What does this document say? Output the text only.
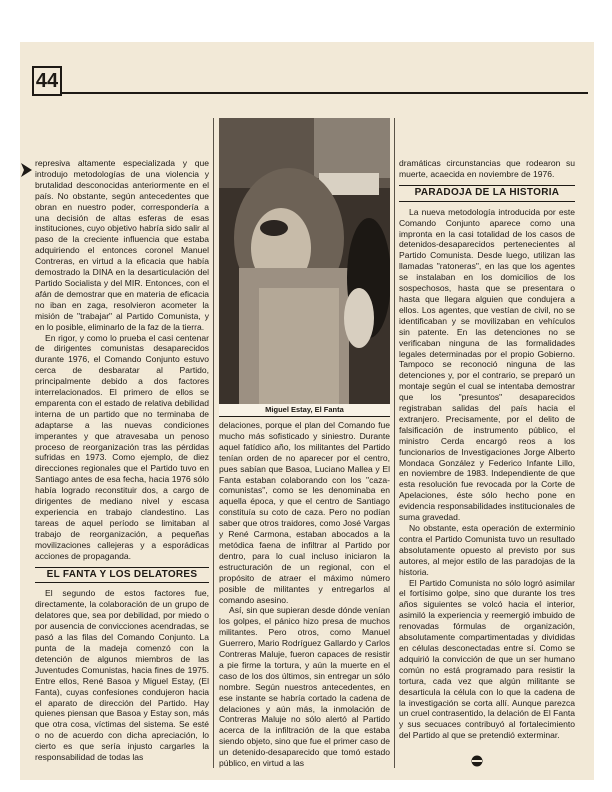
44

represiva altamente especializada y que introdujo metodologías de una violencia y brutalidad desconocidas anteriormente en el país. No obstante, según antecedentes que obran en nuestro poder, correspondería a una decisión de altas esferas de esas instituciones, cuyo objetivo habría sido salir al paso de la creciente influencia que estaba adquiriendo el entonces coronel Manuel Contreras, en virtud a la eficacia que había demostrado la DINA en la desarticulación del Partido Socialista y del MIR. Entonces, con el afán de demostrar que en materia de eficacia no iban en zaga, resolvieron acometer la misión de "trabajar" al Partido Comunista, y en lo posible, eliminarlo de la faz de la tierra.

En rigor, y como lo prueba el casi centenar de dirigentes comunistas desaparecidos durante 1976, el Comando Conjunto estuvo cerca de desbaratar al Partido, principalmente debido a dos factores interrelacionados. El primero de ellos se emparenta con el estado de relativa debilidad interna de un partido que no terminaba de adaptarse a las nuevas condiciones imperantes y que atravesaba un penoso proceso de reorganización tras las pérdidas sufridas en 1973. Como ejemplo, de diez direcciones regionales que el Partido tuvo en Santiago antes de esa fecha, hacia 1976 sólo había logrado reconstituir dos, a cargo de dirigentes de mediano nivel y escasa experiencia en trabajo clandestino. Las tareas de aquel período se limitaban al trabajo de reorganización, a pequeñas movilizaciones callejeras y a esporádicas acciones de propaganda.

EL FANTA Y LOS DELATORES

El segundo de estos factores fue, directamente, la colaboración de un grupo de delatores que, sea por debilidad, por miedo o por ausencia de convicciones acendradas, se pasó a las filas del Comando Conjunto. La punta de la madeja comenzó con la detención de algunos miembros de las Juventudes Comunistas, hacia fines de 1975. Entre ellos, René Basoa y Miguel Estay, (El Fanta), cuyas confesiones condujeron hacia el aparato de dirección del Partido. Hay quienes piensan que Basoa y Estay son, más que otra cosa, víctimas del sistema. Se esté o no de acuerdo con dicha apreciación, lo cierto es que sería injusto cargarles la responsabilidad de todas las

Miguel Estay, El Fanta

delaciones, porque el plan del Comando fue mucho más sofisticado y siniestro. Durante aquel fatídico año, los militantes del Partido tenían orden de no aparecer por el centro, pues sabían que Basoa, Luciano Mallea y El Fanta estaban colaborando con los "caza-comunistas", como se les denominaba en aquella época, y que el centro de Santiago constituía su coto de caza. Pero no podían saber que otros traidores, como José Vargas y René Carmona, estaban abocados a la metódica faena de infiltrar al Partido por dentro, para lo cual incluso iniciaron la estructuración de un regional, con el propósito de atraer el máximo número posible de militantes y entregarlos al comando asesino.

Así, sin que supieran desde dónde venían los golpes, el pánico hizo presa de muchos militantes. Pero otros, como Manuel Guerrero, Mario Rodríguez Gallardo y Carlos Contreras Maluje, fueron capaces de resistir a pie firme la tortura, y aún la muerte en el caso de los dos últimos, sin entregar un sólo nombre. Según nuestros antecedentes, en ese instante se habría cortado la cadena de delaciones y aún más, la inmolación de Contreras Maluje no sólo alertó al Partido acerca de la infiltración de la que estaba siendo objeto, sino que fue el primer caso de un detenido-desaparecido que tomó estado público, en virtud a las

dramáticas circunstancias que rodearon su muerte, acaecida en noviembre de 1976.

PARADOJA DE LA HISTORIA

La nueva metodología introducida por este Comando Conjunto aparece como una impronta en la casi totalidad de los casos de detenidos-desaparecidos pertenecientes al Partido Comunista. Desde luego, utilizan las llamadas "ratoneras", en las que los agentes se instalaban en los domicilios de los sospechosos, hasta que se presentara o hasta que llegara alguien que condujera a ellos. Los agentes, que vestían de civil, no se identificaban y se movilizaban en vehículos sin patente. En las detenciones no se verificaban ninguna de las formalidades legales determinadas por el propio Gobierno. Tampoco se reconoció ninguna de las detenciones y, por el contrario, se preparó un montaje según el cual se intentaba demostrar que los "presuntos" desaparecidos registraban salidas del país hacia el extranjero. Precisamente, por el delito de falsificación de instrumento público, el ministro Cerda encargó reos a los funcionarios de Investigaciones Jorge Alberto Mondaca González y Federico Infante Lillo, en noviembre de 1983. Independiente de que esta resolución fue revocada por la Corte de Apelaciones, éste sólo hecho pone en evidencia responsabilidades institucionales de suma gravedad.

No obstante, esta operación de exterminio contra el Partido Comunista tuvo un resultado absolutamente opuesto al previsto por sus autores, al mejor estilo de las paradojas de la historia.

El Partido Comunista no sólo logró asimilar el fortísimo golpe, sino que durante los tres años siguientes se volcó hacia el interior, asimiló la experiencia y reemergió imbuido de renovadas fórmulas de organización, absolutamente compartimentadas y divididas en células desconectadas entre sí. Como se adquirió la convicción de que un ser humano común no está programado para resistir la tortura, cada vez que algún militante se desarticula la célula con lo que la cadena de la investigación se corta allí. Aunque parezca un cruel contrasentido, la delación de El Fanta y sus secuaces contribuyó al fortalecimiento del Partido al que se pretendió exterminar.
